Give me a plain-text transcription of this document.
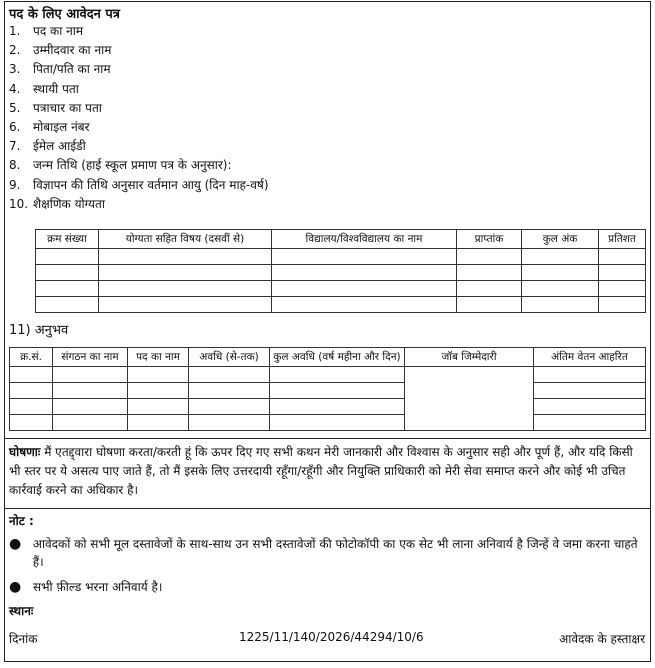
पद के लिए आवेदन पत्र
1.	पद का नाम
2.	उम्मीदवार का नाम
3.	पिता/पति का नाम
4.	स्थायी पता
5.	पत्राचार का पता
6.	मोबाइल नंबर
7.	ईमेल आईडी
8.	जन्म तिथि (हाई स्कूल प्रमाण पत्र के अनुसार):
9.	विज्ञापन की तिथि अनुसार वर्तमान आयु (दिन माह-वर्ष)
10. शैक्षणिक योग्यता
क्रम संख्या	योग्यता सहित विषय (दसवीं से)	विद्यालय/विश्वविद्यालय का नाम	प्राप्तांक	कुल अंक	प्रतिशत

11) अनुभव
क्र.सं.	संगठन का नाम	पद का नाम	अवधि (से-तक)	कुल अवधि (वर्ष महीना और दिन)	जॉब जिम्मेदारी	अंतिम वेतन आहरित

घोषणाः मैं एतद्द्वारा घोषणा करता/करती हूं कि ऊपर दिए गए सभी कथन मेरी जानकारी और विश्वास के अनुसार सही और पूर्ण हैं, और यदि किसी भी स्तर पर ये असत्य पाए जाते हैं, तो मैं इसके लिए उत्तरदायी रहूँगा/रहूँगी और नियुक्ति प्राधिकारी को मेरी सेवा समाप्त करने और कोई भी उचित कार्रवाई करने का अधिकार है।
नोट :
● आवेदकों को सभी मूल दस्तावेजों के साथ-साथ उन सभी दस्तावेजों की फोटोकॉपी का एक सेट भी लाना अनिवार्य है जिन्हें वे जमा करना चाहते हैं।
● सभी फ़ील्ड भरना अनिवार्य है।
स्थानः
दिनांक	1225/11/140/2026/44294/10/6	आवेदक के हस्ताक्षर
